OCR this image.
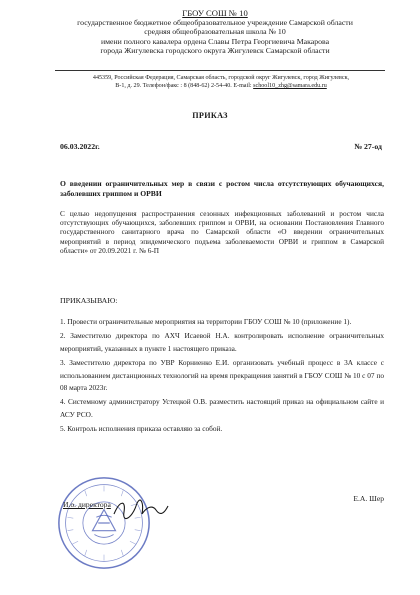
ГБОУ СОШ № 10
государственное бюджетное общеобразовательное учреждение Самарской области
средняя общеобразовательная школа № 10
имени полного кавалера ордена Славы Петра Георгиевича Макарова
города Жигулевска городского округа Жигулевск Самарской области
445359, Российская Федерация, Самарская область, городской округ Жигулевск, город Жигулевск,
В-1, д. 29. Телефон/факс : 8 (848-62) 2-54-40. E-mail: school10_zhg@samara.edu.ru
ПРИКАЗ
06.03.2022г.	№ 27-од
О введении ограничительных мер в связи с ростом числа отсутствующих обучающихся, заболевших гриппом и ОРВИ
С целью недопущения распространения сезонных инфекционных заболеваний и ростом числа отсутствующих обучающихся, заболевших гриппом и ОРВИ, на основании Постановления Главного государственного санитарного врача по Самарской области «О введении ограничительных мероприятий в период эпидемического подъема заболеваемости ОРВИ и гриппом в Самарской области» от 20.09.2021 г. № 6-П
ПРИКАЗЫВАЮ:

1. Провести ограничительные мероприятия на территории ГБОУ СОШ № 10 (приложение 1).

2. Заместителю директора по АХЧ Исаевой Н.А. контролировать исполнение ограничительных мероприятий, указанных в пункте 1 настоящего приказа.

3. Заместителю директора по УВР Корниенко Е.И. организовать учебный процесс в 3А классе с использованием дистанционных технологий на время прекращения занятий в ГБОУ СОШ № 10 с 07 по 08 марта 2023г.

4. Системному администратору Устецкой О.В. разместить настоящий приказ на официальном сайте и АСУ РСО.

5. Контроль исполнения приказа оставляю за собой.

И.о. директора
Е.А. Шер
